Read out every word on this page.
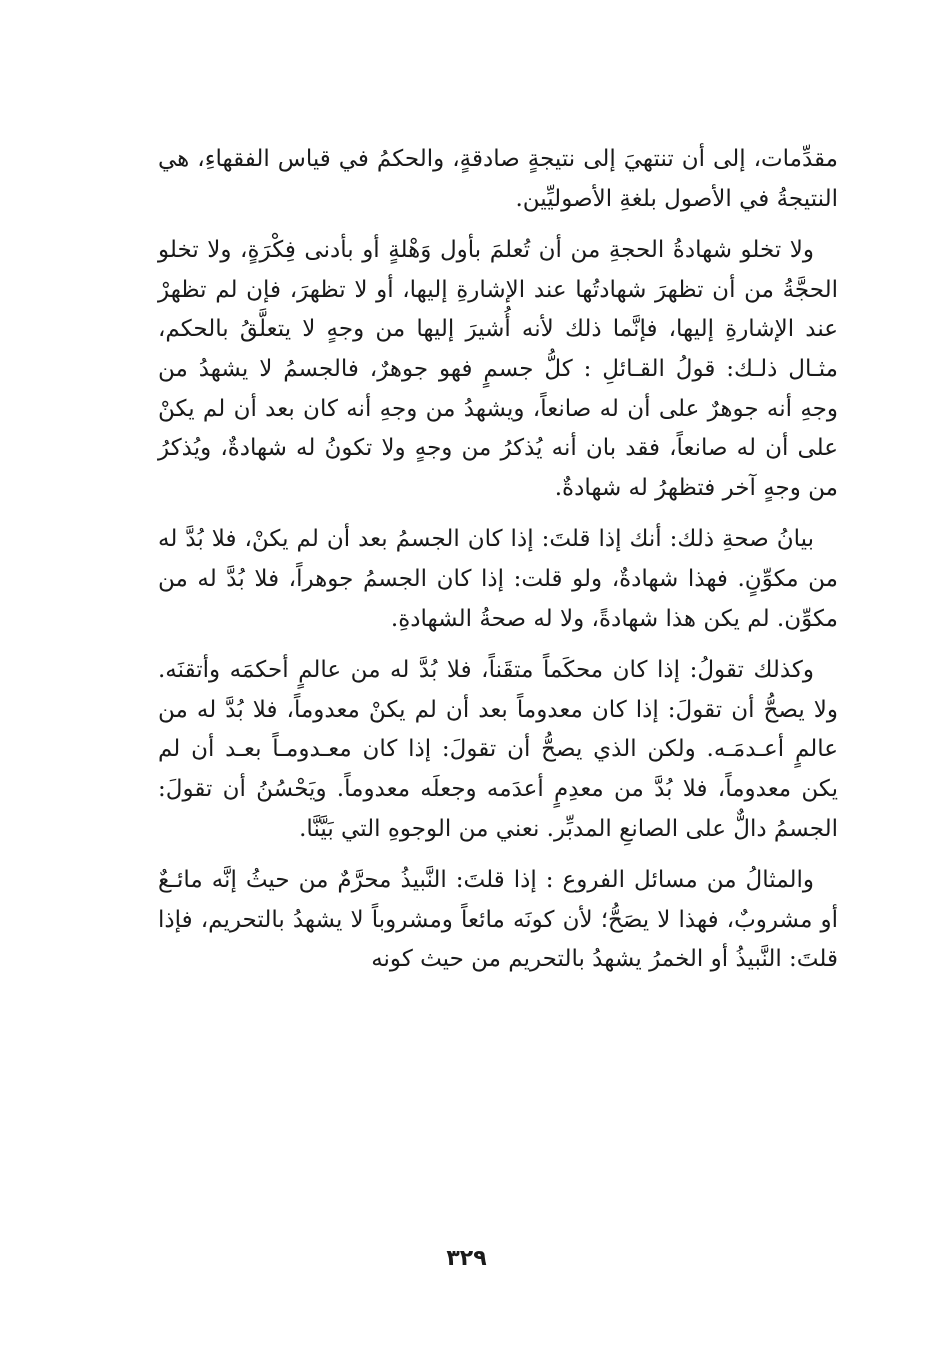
مقدِّمات، إلى أن تنتهيَ إلى نتيجةٍ صادقةٍ، والحكمُ في قياس الفقهاءِ، هي النتيجةُ في الأصول بلغةِ الأصوليِّين.

ولا تخلو شهادةُ الحجةِ من أن تُعلمَ بأول وَهْلةٍ أو بأدنى فِكْرَةٍ، ولا تخلو الحجَّةُ من أن تظهرَ شهادتُها عند الإشارةِ إليها، أو لا تظهرَ، فإن لم تظهرْ عند الإشارةِ إليها، فإنَّما ذلك لأنه أُشيرَ إليها من وجهٍ لا يتعلَّقُ بالحكم، مثـال ذلـك: قولُ القـائلِ : كلُّ جسمٍ فهو جوهرٌ، فالجسمُ لا يشهدُ من وجهِ أنه جوهرٌ على أن له صانعاً، ويشهدُ من وجهِ أنه كان بعد أن لم يكنْ على أن له صانعاً، فقد بان أنه يُذكرُ من وجهٍ ولا تكونُ له شهادةٌ، ويُذكرُ من وجهٍ آخر فتظهرُ له شهادةٌ.

بيانُ صحةِ ذلك: أنك إذا قلتَ: إذا كان الجسمُ بعد أن لم يكنْ، فلا بُدَّ له من مكوِّنٍ. فهذا شهادةٌ، ولو قلت: إذا كان الجسمُ جوهراً، فلا بُدَّ له من مكوِّن. لم يكن هذا شهادةً، ولا له صحةُ الشهادةِ.

وكذلك تقولُ: إذا كان محكَماً متقَناً، فلا بُدَّ له من عالمٍ أحكمَه وأتقنَه. ولا يصحُّ أن تقولَ: إذا كان معدوماً بعد أن لم يكنْ معدوماً، فلا بُدَّ له من عالمٍ أعـدمَـه. ولكن الذي يصحُّ أن تقولَ: إذا كان معـدومـاً بعـد أن لم يكن معدوماً، فلا بُدَّ من معدِمٍ أعدَمه وجعلَه معدوماً. ويَحْسُنُ أن تقولَ: الجسمُ دالٌّ على الصانعِ المدبِّر. نعني من الوجوهِ التي بَيَّنَّا.

والمثالُ من مسائل الفروع : إذا قلتَ: النَّبيذُ محرَّمٌ من حيثُ إنَّه مائـعٌ أو مشروبٌ، فهذا لا يصَحُّ؛ لأن كونَه مائعاً ومشروباً لا يشهدُ بالتحريم، فإذا قلتَ: النَّبيذُ أو الخمرُ يشهدُ بالتحريم من حيث كونه

٣٢٩
